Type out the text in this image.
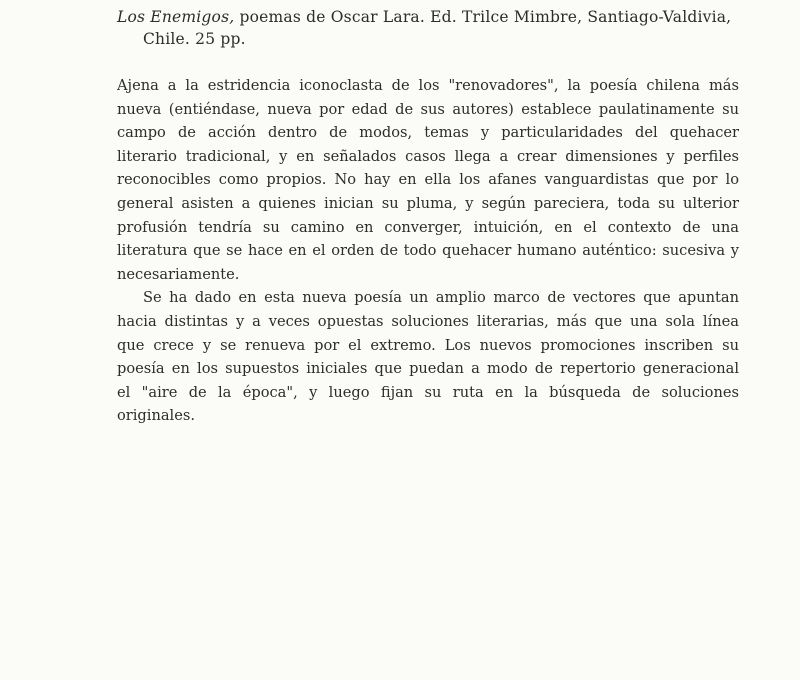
Los Enemigos, poemas de Oscar Lara. Ed. Trilce Mimbre, Santiago-Valdivia,
Chile. 25 pp.

Ajena a la estridencia iconoclasta de los "renovadores", la poesía chilena más nueva (entiéndase, nueva por edad de sus autores) establece paulatinamente su campo de acción dentro de modos, temas y particularidades del quehacer literario tradicional, y en señalados casos llega a crear dimensiones y perfiles reconocibles como propios. No hay en ella los afanes vanguardistas que por lo general asisten a quienes inician su pluma, y según pareciera, toda su ulterior profusión tendría su camino en converger, intuición, en el contexto de una literatura que se hace en el orden de todo quehacer humano auténtico: sucesiva y necesariamente.

Se ha dado en esta nueva poesía un amplio marco de vectores que apuntan hacia distintas y a veces opuestas soluciones literarias, más que una sola línea que crece y se renueva por el extremo. Los nuevos promociones inscriben su poesía en los supuestos iniciales que puedan a modo de repertorio generacional el "aire de la época", y luego fijan su ruta en la búsqueda de soluciones originales.
